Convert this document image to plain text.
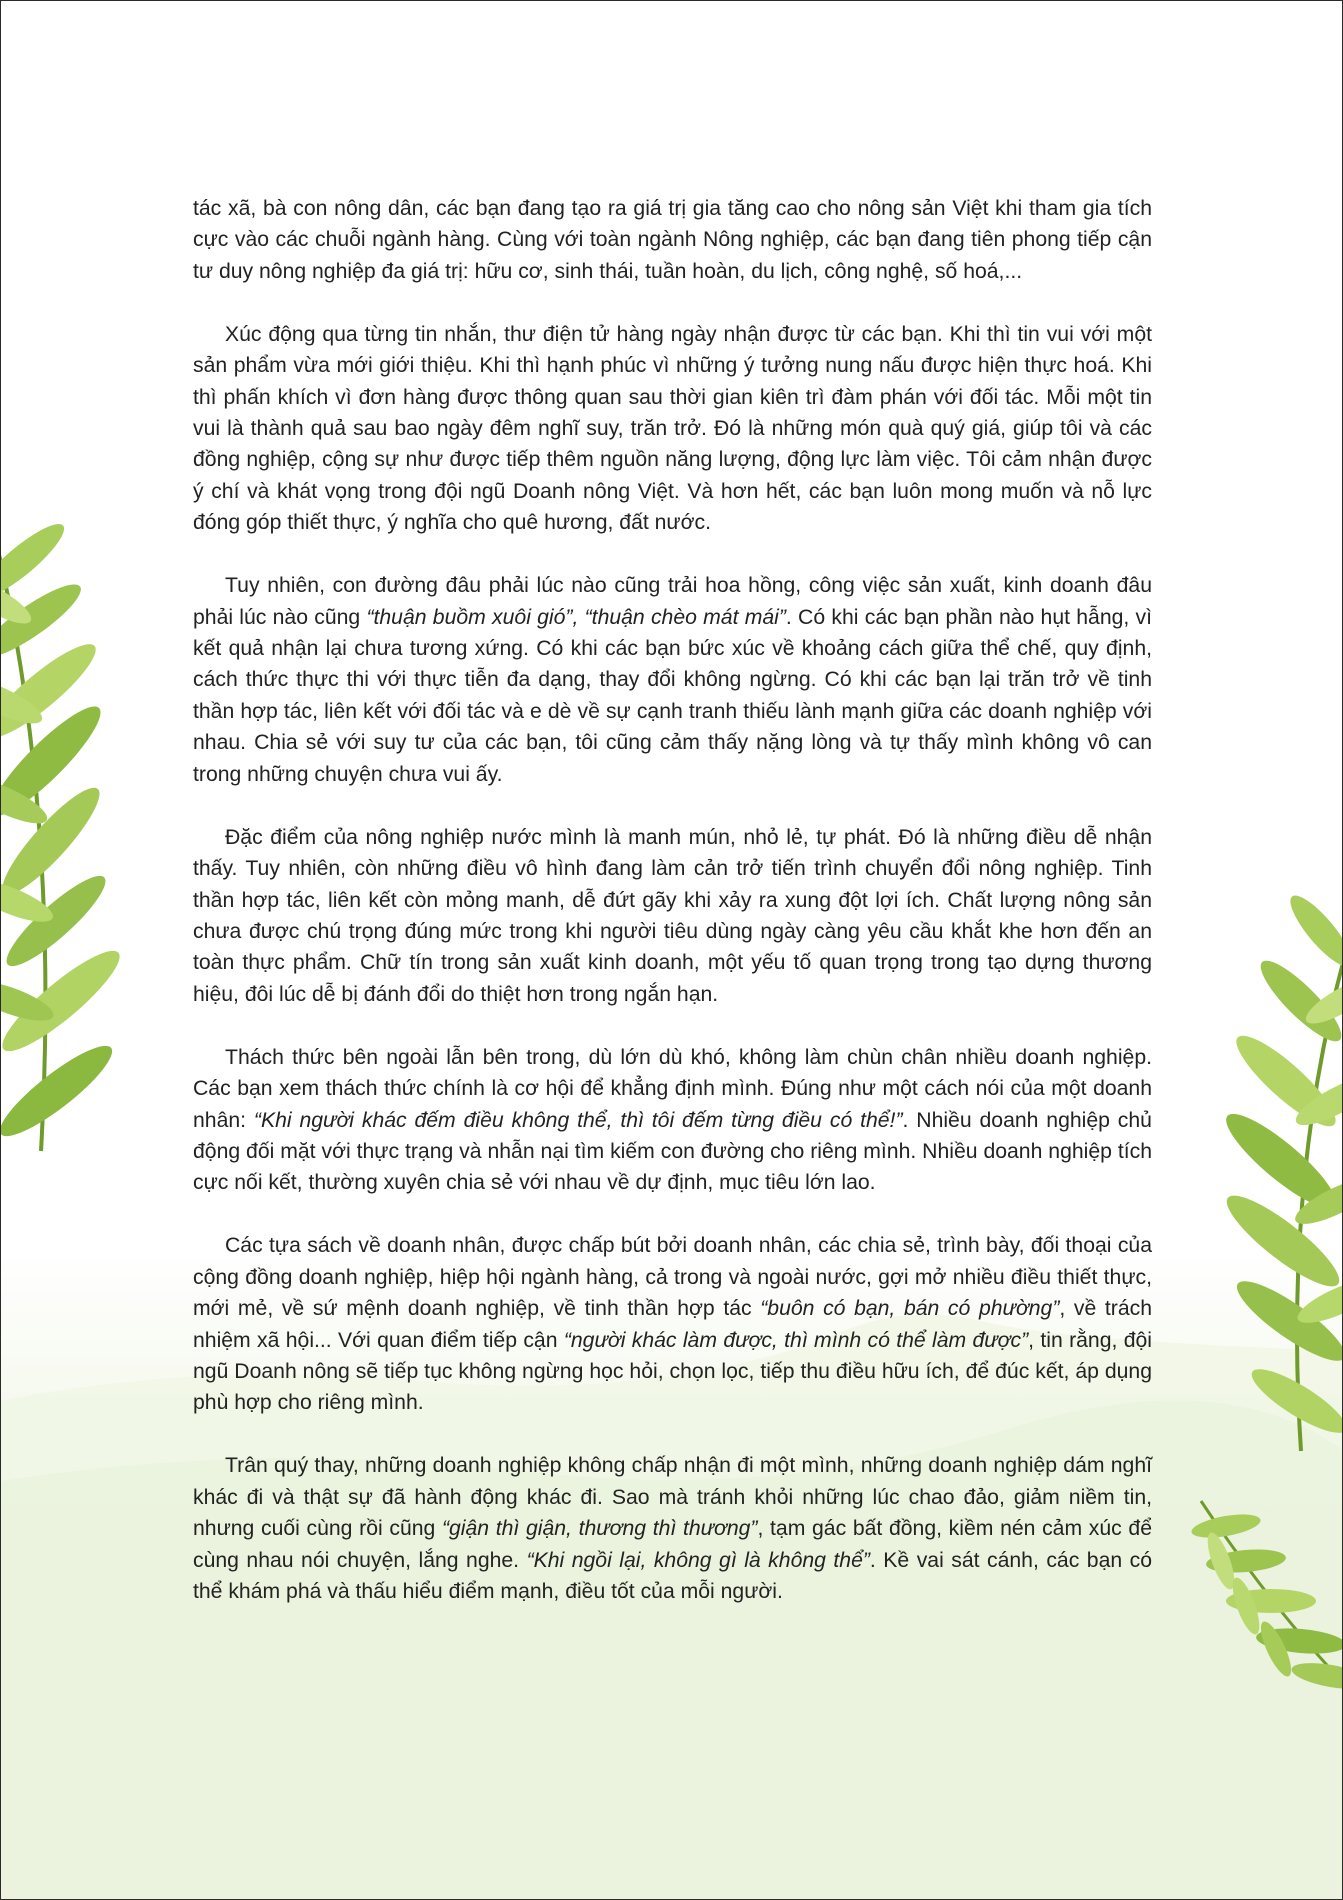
tác xã, bà con nông dân, các bạn đang tạo ra giá trị gia tăng cao cho nông sản Việt khi tham gia tích cực vào các chuỗi ngành hàng. Cùng với toàn ngành Nông nghiệp, các bạn đang tiên phong tiếp cận tư duy nông nghiệp đa giá trị: hữu cơ, sinh thái, tuần hoàn, du lịch, công nghệ, số hoá,...

Xúc động qua từng tin nhắn, thư điện tử hàng ngày nhận được từ các bạn. Khi thì tin vui với một sản phẩm vừa mới giới thiệu. Khi thì hạnh phúc vì những ý tưởng nung nấu được hiện thực hoá. Khi thì phấn khích vì đơn hàng được thông quan sau thời gian kiên trì đàm phán với đối tác. Mỗi một tin vui là thành quả sau bao ngày đêm nghĩ suy, trăn trở. Đó là những món quà quý giá, giúp tôi và các đồng nghiệp, cộng sự như được tiếp thêm nguồn năng lượng, động lực làm việc. Tôi cảm nhận được ý chí và khát vọng trong đội ngũ Doanh nông Việt. Và hơn hết, các bạn luôn mong muốn và nỗ lực đóng góp thiết thực, ý nghĩa cho quê hương, đất nước.

Tuy nhiên, con đường đâu phải lúc nào cũng trải hoa hồng, công việc sản xuất, kinh doanh đâu phải lúc nào cũng “thuận buồm xuôi gió”, “thuận chèo mát mái”. Có khi các bạn phần nào hụt hẫng, vì kết quả nhận lại chưa tương xứng. Có khi các bạn bức xúc về khoảng cách giữa thể chế, quy định, cách thức thực thi với thực tiễn đa dạng, thay đổi không ngừng. Có khi các bạn lại trăn trở về tinh thần hợp tác, liên kết với đối tác và e dè về sự cạnh tranh thiếu lành mạnh giữa các doanh nghiệp với nhau. Chia sẻ với suy tư của các bạn, tôi cũng cảm thấy nặng lòng và tự thấy mình không vô can trong những chuyện chưa vui ấy.

Đặc điểm của nông nghiệp nước mình là manh mún, nhỏ lẻ, tự phát. Đó là những điều dễ nhận thấy. Tuy nhiên, còn những điều vô hình đang làm cản trở tiến trình chuyển đổi nông nghiệp. Tinh thần hợp tác, liên kết còn mỏng manh, dễ đứt gãy khi xảy ra xung đột lợi ích. Chất lượng nông sản chưa được chú trọng đúng mức trong khi người tiêu dùng ngày càng yêu cầu khắt khe hơn đến an toàn thực phẩm. Chữ tín trong sản xuất kinh doanh, một yếu tố quan trọng trong tạo dựng thương hiệu, đôi lúc dễ bị đánh đổi do thiệt hơn trong ngắn hạn.

Thách thức bên ngoài lẫn bên trong, dù lớn dù khó, không làm chùn chân nhiều doanh nghiệp. Các bạn xem thách thức chính là cơ hội để khẳng định mình. Đúng như một cách nói của một doanh nhân: “Khi người khác đếm điều không thể, thì tôi đếm từng điều có thể!”. Nhiều doanh nghiệp chủ động đối mặt với thực trạng và nhẫn nại tìm kiếm con đường cho riêng mình. Nhiều doanh nghiệp tích cực nối kết, thường xuyên chia sẻ với nhau về dự định, mục tiêu lớn lao.

Các tựa sách về doanh nhân, được chấp bút bởi doanh nhân, các chia sẻ, trình bày, đối thoại của cộng đồng doanh nghiệp, hiệp hội ngành hàng, cả trong và ngoài nước, gợi mở nhiều điều thiết thực, mới mẻ, về sứ mệnh doanh nghiệp, về tinh thần hợp tác “buôn có bạn, bán có phường”, về trách nhiệm xã hội... Với quan điểm tiếp cận “người khác làm được, thì mình có thể làm được”, tin rằng, đội ngũ Doanh nông sẽ tiếp tục không ngừng học hỏi, chọn lọc, tiếp thu điều hữu ích, để đúc kết, áp dụng phù hợp cho riêng mình.

Trân quý thay, những doanh nghiệp không chấp nhận đi một mình, những doanh nghiệp dám nghĩ khác đi và thật sự đã hành động khác đi. Sao mà tránh khỏi những lúc chao đảo, giảm niềm tin, nhưng cuối cùng rồi cũng “giận thì giận, thương thì thương”, tạm gác bất đồng, kiềm nén cảm xúc để cùng nhau nói chuyện, lắng nghe. “Khi ngồi lại, không gì là không thể”. Kề vai sát cánh, các bạn có thể khám phá và thấu hiểu điểm mạnh, điều tốt của mỗi người.
